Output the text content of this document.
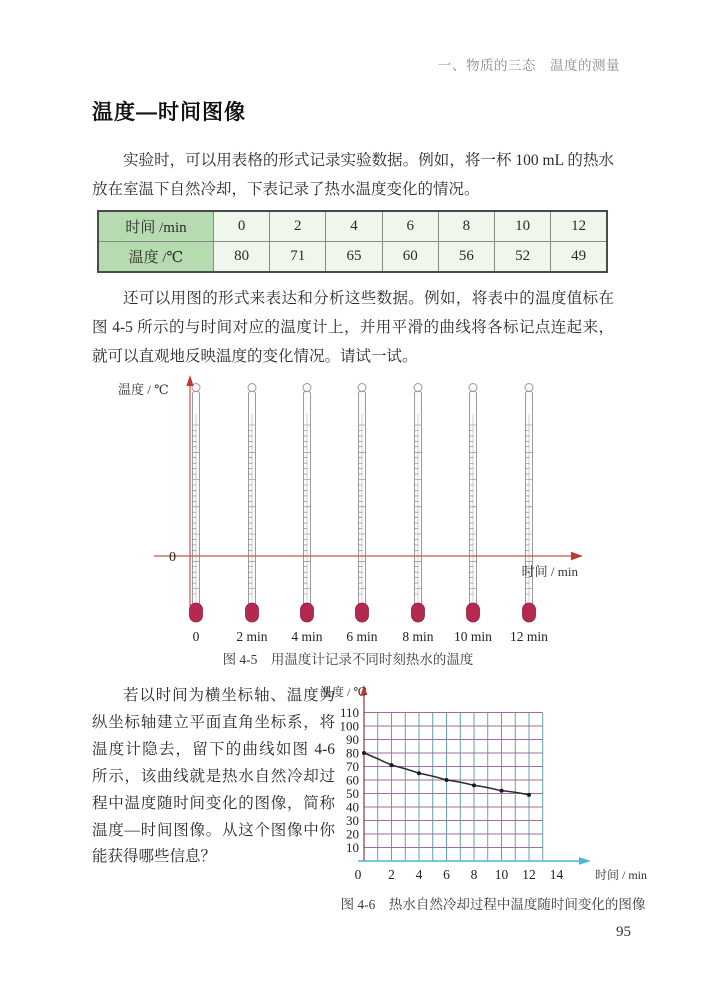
一、物质的三态　温度的测量
温度—时间图像

实验时，可以用表格的形式记录实验数据。例如，将一杯 100 mL 的热水放在室温下自然冷却，下表记录了热水温度变化的情况。

时间 /min	0	2	4	6	8	10	12
温度 /℃	80	71	65	60	56	52	49

还可以用图的形式来表达和分析这些数据。例如，将表中的温度值标在图 4-5 所示的与时间对应的温度计上，并用平滑的曲线将各标记点连起来，就可以直观地反映温度的变化情况。请试一试。

0	2 min 4 min 6 min 8 min 10 min 12 min
温度 / ℃
0
时间 / min
图 4-5　用温度计记录不同时刻热水的温度

若以时间为横坐标轴、温度为纵坐标轴建立平面直角坐标系，将温度计隐去，留下的曲线如图 4-6 所示，该曲线就是热水自然冷却过程中温度随时间变化的图像，简称温度—时间图像。从这个图像中你能获得哪些信息？

温度 / ℃
10
20
30
40
50
60
70
80
90
100
110
0 2 4 6 8 10 12 14	时间 / min
图 4-6　热水自然冷却过程中温度随时间变化的图像
95
